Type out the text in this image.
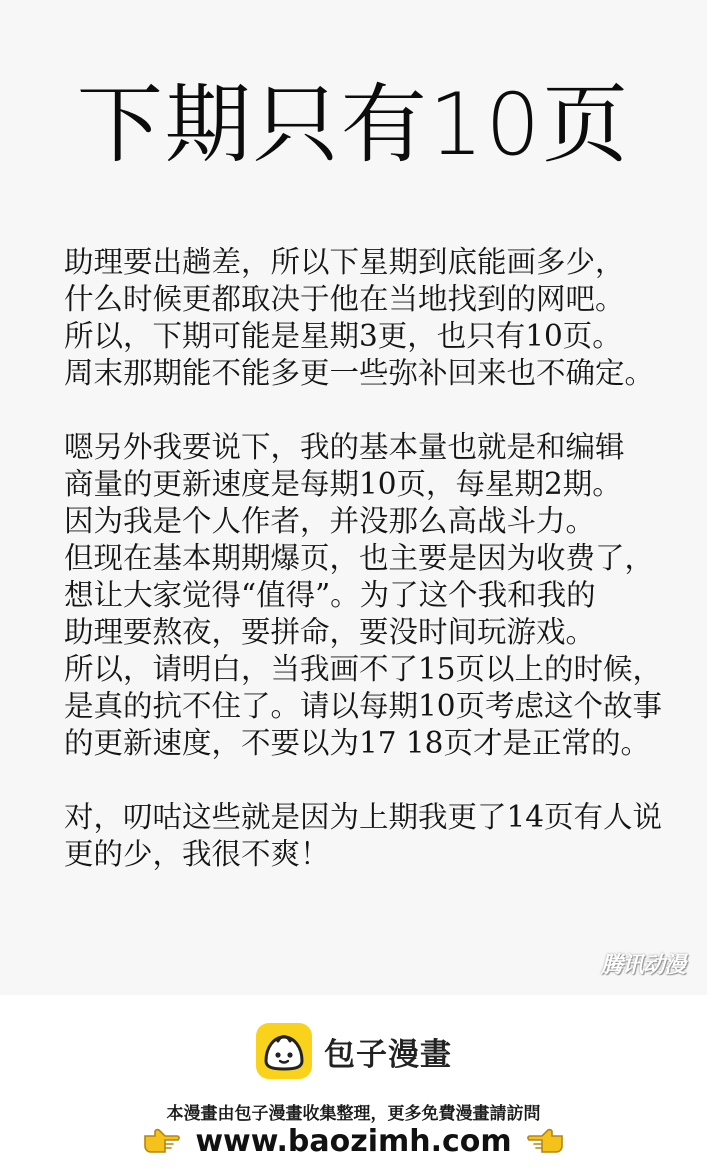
下期只有10页
助理要出趟差，所以下星期到底能画多少，
什么时候更都取决于他在当地找到的网吧。
所以，下期可能是星期3更，也只有10页。
周末那期能不能多更一些弥补回来也不确定。
嗯另外我要说下，我的基本量也就是和编辑
商量的更新速度是每期10页，每星期2期。
因为我是个人作者，并没那么高战斗力。
但现在基本期期爆页，也主要是因为收费了，
想让大家觉得“值得”。为了这个我和我的
助理要熬夜，要拼命，要没时间玩游戏。
所以，请明白，当我画不了15页以上的时候，
是真的抗不住了。请以每期10页考虑这个故事
的更新速度，不要以为17 18页才是正常的。
对，叨咕这些就是因为上期我更了14页有人说
更的少，我很不爽！
腾讯动漫
包子漫畫
本漫畫由包子漫畫收集整理，更多免費漫畫請訪問
www.baozimh.com
